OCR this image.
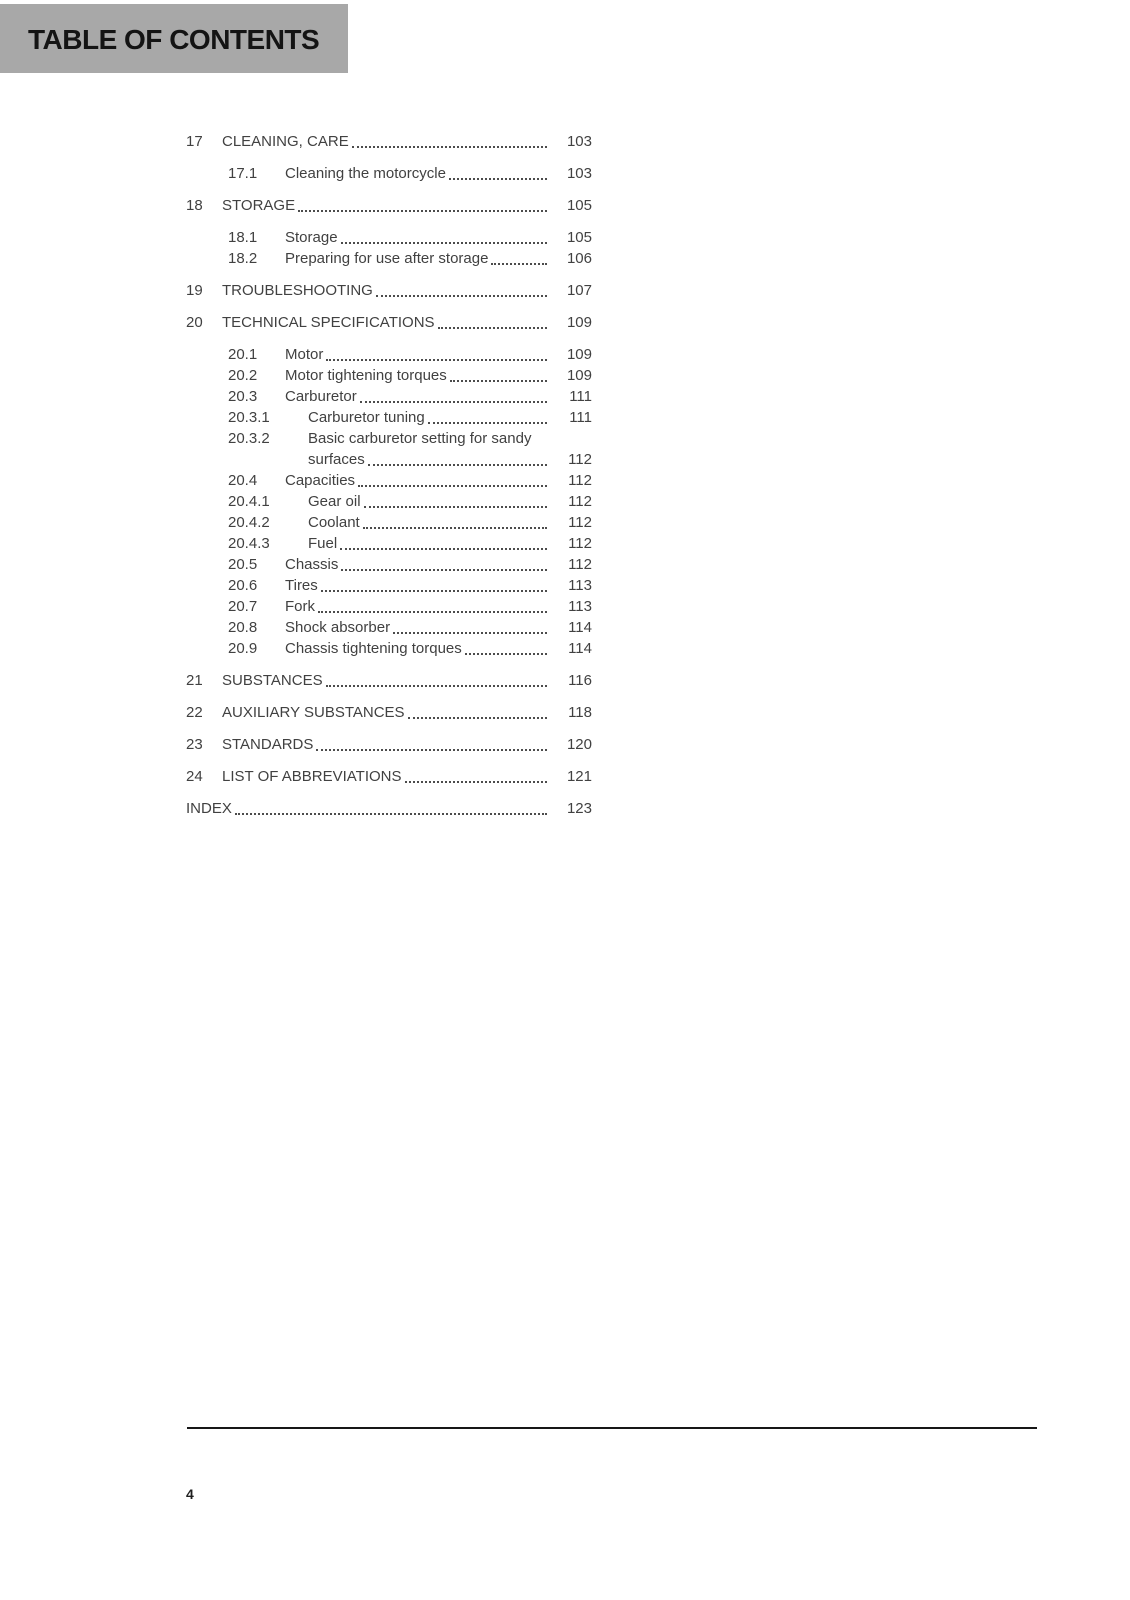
TABLE OF CONTENTS
17	CLEANING, CARE	103
17.1	Cleaning the motorcycle	103
18	STORAGE	105
18.1	Storage	105
18.2	Preparing for use after storage	106
19	TROUBLESHOOTING	107
20	TECHNICAL SPECIFICATIONS	109
20.1	Motor	109
20.2	Motor tightening torques	109
20.3	Carburetor	111
20.3.1	Carburetor tuning	111
20.3.2	Basic carburetor setting for sandy
surfaces	112
20.4	Capacities	112
20.4.1	Gear oil	112
20.4.2	Coolant	112
20.4.3	Fuel	112
20.5	Chassis	112
20.6	Tires	113
20.7	Fork	113
20.8	Shock absorber	114
20.9	Chassis tightening torques	114
21	SUBSTANCES	116
22	AUXILIARY SUBSTANCES	118
23	STANDARDS	120
24	LIST OF ABBREVIATIONS	121
INDEX	123
4
